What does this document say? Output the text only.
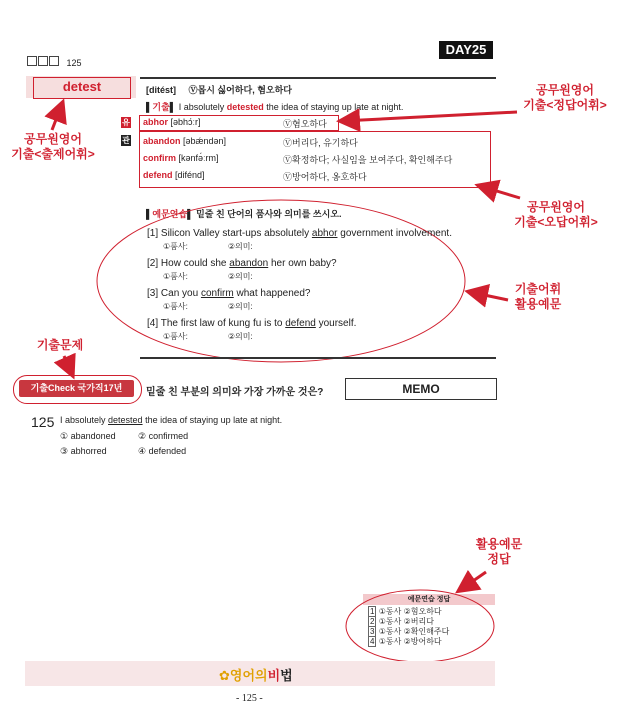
125
DAY25
detest	[ditést] Ⓥ몹시 싫어하다, 혐오하다
▌기출▌ I absolutely detested the idea of staying up late at night.
유 abhor [əbhɔ́ːr]	Ⓥ혐오하다
관 abandon [əbǽndən]	Ⓥ버리다, 유기하다
confirm [kənfə́ːrm]	Ⓥ확정하다; 사실임을 보여주다, 확인해주다
defend [difénd]	Ⓥ방어하다, 옹호하다
▌예문연습▌ 밑줄 친 단어의 품사와 의미를 쓰시오.
[1] Silicon Valley start-ups absolutely abhor government involvement.
①품사:	②의미:
[2] How could she abandon her own baby?
①품사:	②의미:
[3] Can you confirm what happened?
①품사:	②의미:
[4] The first law of kung fu is to defend yourself.
①품사:	②의미:
기출Check 국가직17년	밑줄 친 부분의 의미와 가장 가까운 것은?	MEMO
125 I absolutely detested the idea of staying up late at night.
① abandoned ② confirmed
③ abhorred	④ defended
예문연습 정답
1 ①동사 ②혐오하다
2 ①동사 ②버리다
3 ①동사 ②확인해주다
4 ①동사 ②방어하다
✿영어의비법
- 125 -
공무원영어
기출<출제어휘>
공무원영어
기출<정답어휘>
공무원영어
기출<오답어휘>
기출어휘
활용예문
기출문제
활용예문
정답
